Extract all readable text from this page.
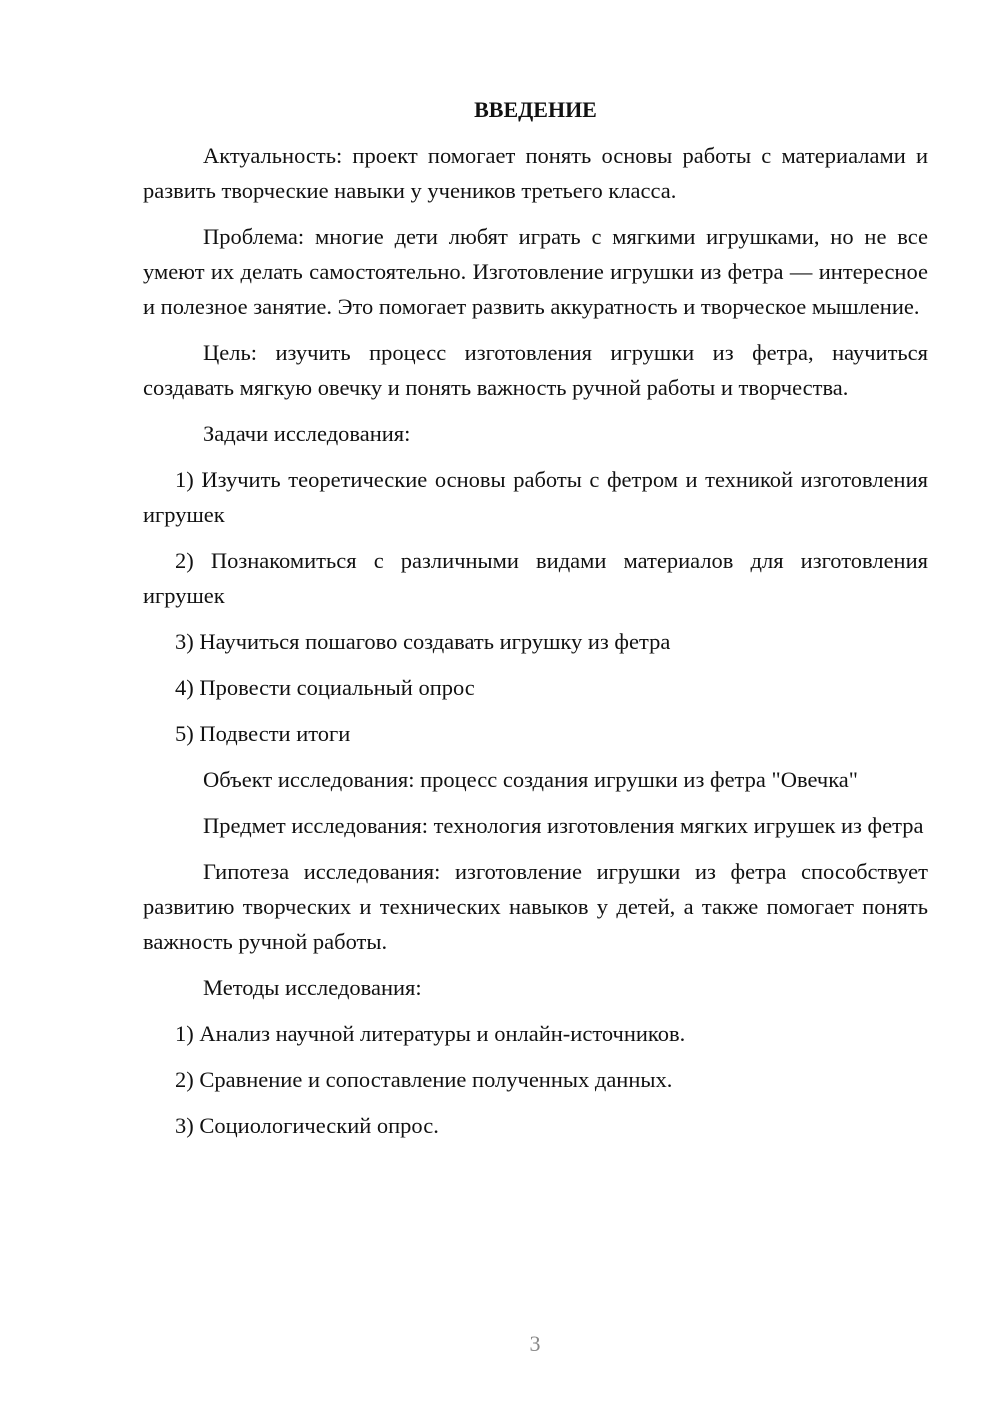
ВВЕДЕНИЕ

Актуальность: проект помогает понять основы работы с материалами и развить творческие навыки у учеников третьего класса.

Проблема: многие дети любят играть с мягкими игрушками, но не все умеют их делать самостоятельно. Изготовление игрушки из фетра — интересное и полезное занятие. Это помогает развить аккуратность и творческое мышление.

Цель: изучить процесс изготовления игрушки из фетра, научиться создавать мягкую овечку и понять важность ручной работы и творчества.

Задачи исследования:

1) Изучить теоретические основы работы с фетром и техникой изготовления игрушек

2) Познакомиться с различными видами материалов для изготовления игрушек

3) Научиться пошагово создавать игрушку из фетра

4) Провести социальный опрос

5) Подвести итоги

Объект исследования: процесс создания игрушки из фетра "Овечка"

Предмет исследования: технология изготовления мягких игрушек из фетра

Гипотеза исследования: изготовление игрушки из фетра способствует развитию творческих и технических навыков у детей, а также помогает понять важность ручной работы.

Методы исследования:

1) Анализ научной литературы и онлайн-источников.

2) Сравнение и сопоставление полученных данных.

3) Социологический опрос.

3
